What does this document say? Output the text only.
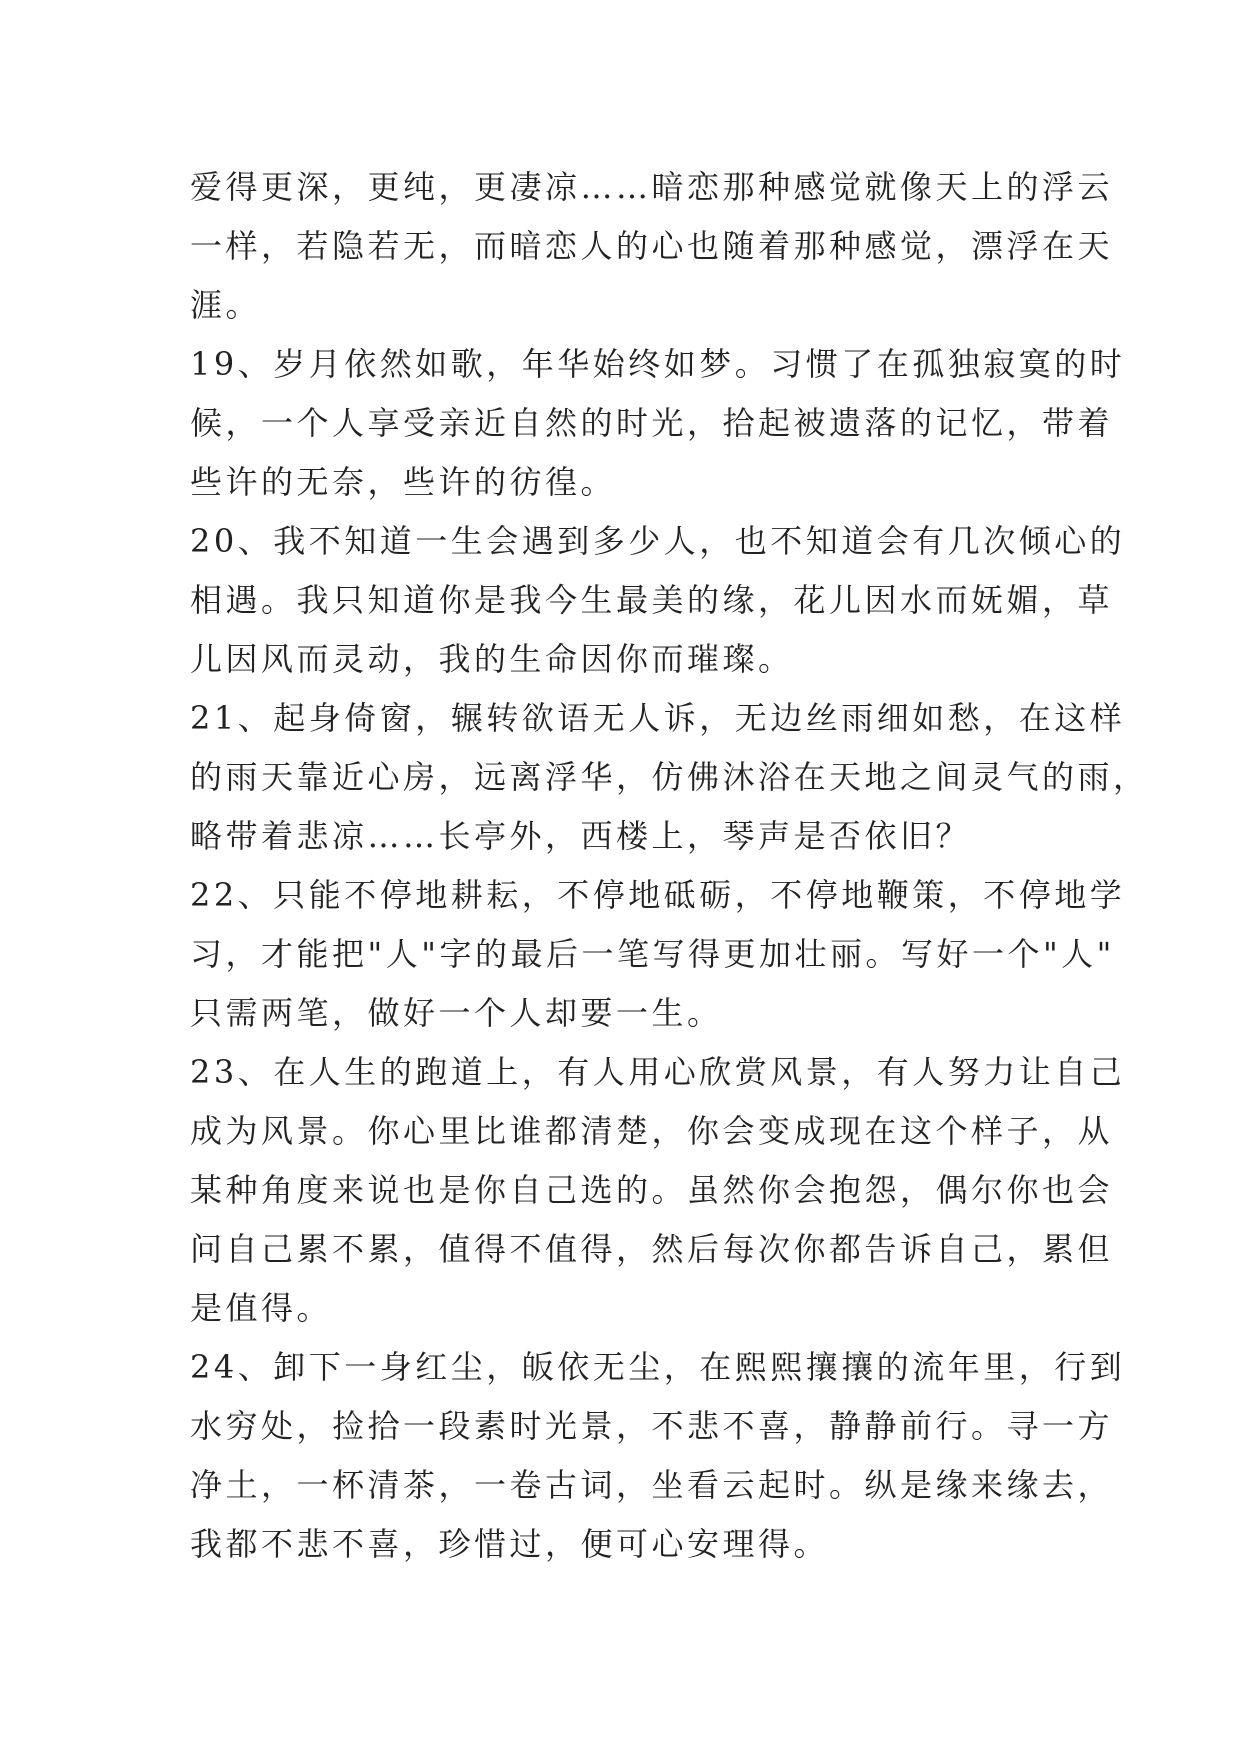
爱得更深，更纯，更凄凉……暗恋那种感觉就像天上的浮云
一样，若隐若无，而暗恋人的心也随着那种感觉，漂浮在天
涯。
19、岁月依然如歌，年华始终如梦。习惯了在孤独寂寞的时
候，一个人享受亲近自然的时光，拾起被遗落的记忆，带着
些许的无奈，些许的彷徨。
20、我不知道一生会遇到多少人，也不知道会有几次倾心的
相遇。我只知道你是我今生最美的缘，花儿因水而妩媚，草
儿因风而灵动，我的生命因你而璀璨。
21、起身倚窗，辗转欲语无人诉，无边丝雨细如愁，在这样
的雨天靠近心房，远离浮华，仿佛沐浴在天地之间灵气的雨，
略带着悲凉……长亭外，西楼上，琴声是否依旧？
22、只能不停地耕耘，不停地砥砺，不停地鞭策，不停地学
习，才能把"人"字的最后一笔写得更加壮丽。写好一个"人"
只需两笔，做好一个人却要一生。
23、在人生的跑道上，有人用心欣赏风景，有人努力让自己
成为风景。你心里比谁都清楚，你会变成现在这个样子，从
某种角度来说也是你自己选的。虽然你会抱怨，偶尔你也会
问自己累不累，值得不值得，然后每次你都告诉自己，累但
是值得。
24、卸下一身红尘，皈依无尘，在熙熙攘攘的流年里，行到
水穷处，捡拾一段素时光景，不悲不喜，静静前行。寻一方
净土，一杯清茶，一卷古词，坐看云起时。纵是缘来缘去，
我都不悲不喜，珍惜过，便可心安理得。
